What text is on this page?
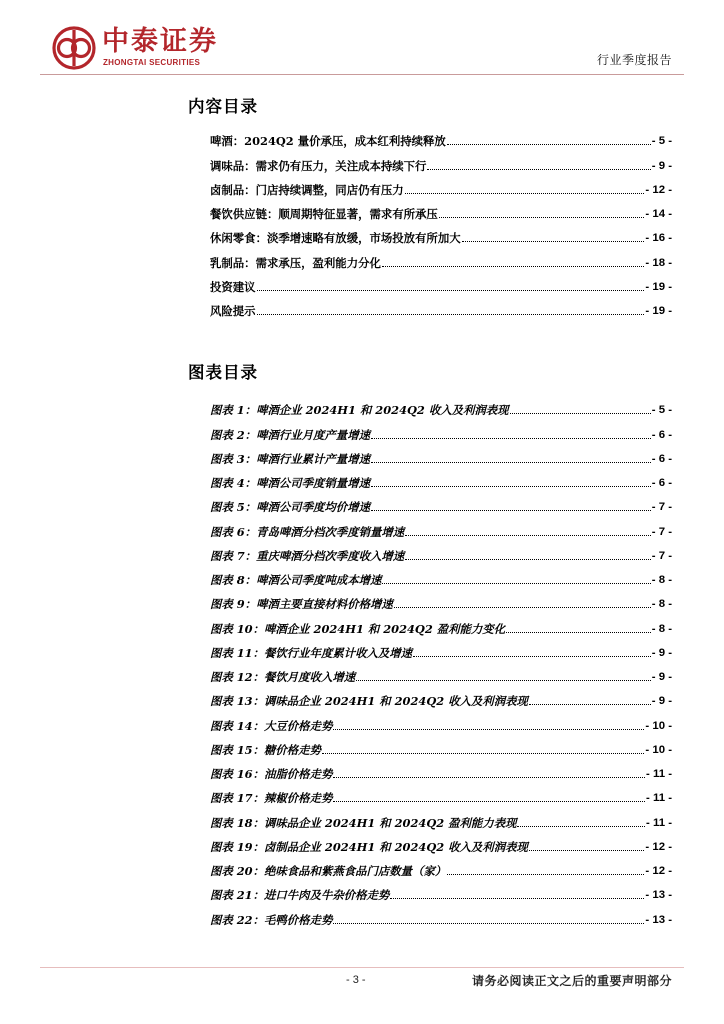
中泰证券
ZHONGTAI SECURITIES	行业季度报告
内容目录
啤酒：2024Q2 量价承压，成本红利持续释放	- 5 -
调味品：需求仍有压力，关注成本持续下行	- 9 -
卤制品：门店持续调整，同店仍有压力	- 12 -
餐饮供应链：顺周期特征显著，需求有所承压	- 14 -
休闲零食：淡季增速略有放缓，市场投放有所加大	- 16 -
乳制品：需求承压，盈利能力分化	- 18 -
投资建议	- 19 -
风险提示	- 19 -
图表目录
图表 1：啤酒企业 2024H1 和 2024Q2 收入及利润表现	- 5 -
图表 2：啤酒行业月度产量增速	- 6 -
图表 3：啤酒行业累计产量增速	- 6 -
图表 4：啤酒公司季度销量增速	- 6 -
图表 5：啤酒公司季度均价增速	- 7 -
图表 6：青岛啤酒分档次季度销量增速	- 7 -
图表 7：重庆啤酒分档次季度收入增速	- 7 -
图表 8：啤酒公司季度吨成本增速	- 8 -
图表 9：啤酒主要直接材料价格增速	- 8 -
图表 10：啤酒企业 2024H1 和 2024Q2 盈利能力变化	- 8 -
图表 11：餐饮行业年度累计收入及增速	- 9 -
图表 12：餐饮月度收入增速	- 9 -
图表 13：调味品企业 2024H1 和 2024Q2 收入及利润表现	- 9 -
图表 14：大豆价格走势	- 10 -
图表 15：糖价格走势	- 10 -
图表 16：油脂价格走势	- 11 -
图表 17：辣椒价格走势	- 11 -
图表 18：调味品企业 2024H1 和 2024Q2 盈利能力表现	- 11 -
图表 19：卤制品企业 2024H1 和 2024Q2 收入及利润表现	- 12 -
图表 20：绝味食品和紫燕食品门店数量（家）	- 12 -
图表 21：进口牛肉及牛杂价格走势	- 13 -
图表 22：毛鸭价格走势	- 13 -
- 3 -	请务必阅读正文之后的重要声明部分
